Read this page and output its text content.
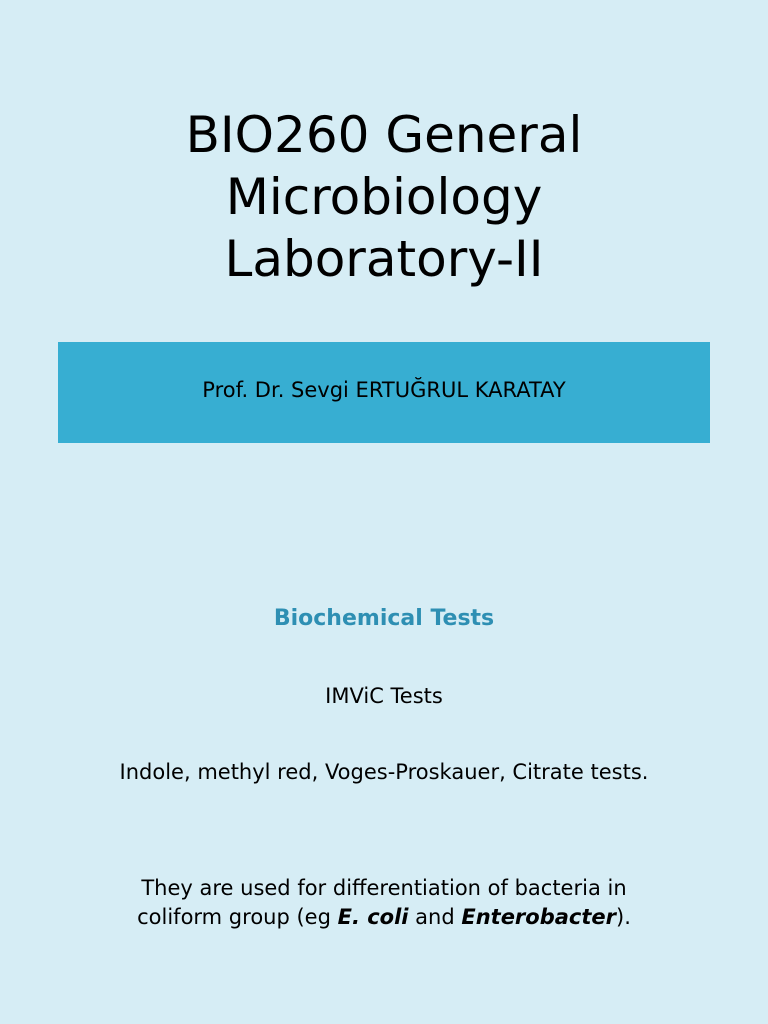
BIO260 General
Microbiology
Laboratory-II
Prof. Dr. Sevgi ERTUĞRUL KARATAY
Biochemical Tests
IMViC Tests
Indole, methyl red, Voges-Proskauer, Citrate tests.
They are used for differentiation of bacteria in
coliform group (eg E. coli and Enterobacter).
